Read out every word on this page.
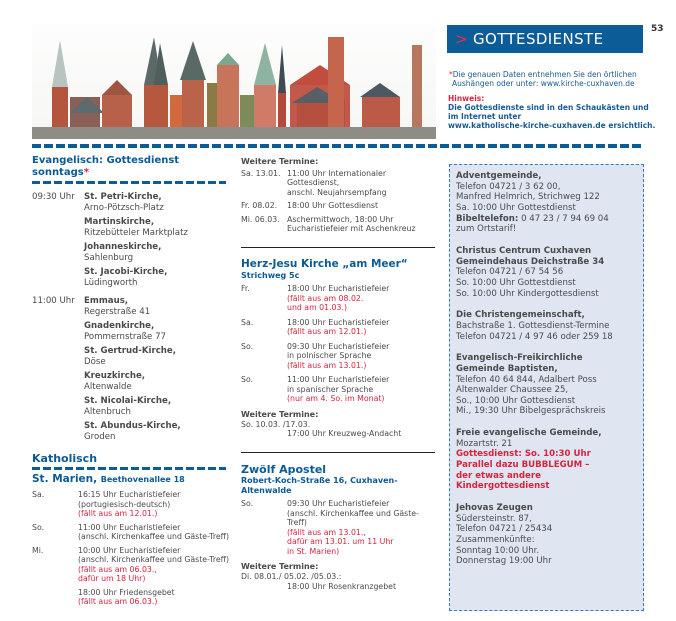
> GOTTESDIENSTE
53
*Die genauen Daten entnehmen Sie den örtlichen
Aushängen oder unter: www.kirche-cuxhaven.de
Hinweis:
Die Gottesdienste sind in den Schaukästen und
im Internet unter
www.katholische-kirche-cuxhaven.de ersichtlich.
Evangelisch: Gottesdienst sonntags*
09:30 Uhr	St. Petri-Kirche,
Arno-Pötzsch-Platz
Martinskirche,
Ritzebütteler Marktplatz
Johanneskirche,
Sahlenburg
St. Jacobi-Kirche,
Lüdingworth
11:00 Uhr	Emmaus,
Regerstraße 41
Gnadenkirche,
Pommernstraße 77
St. Gertrud-Kirche,
Döse
Kreuzkirche,
Altenwalde
St. Nicolai-Kirche,
Altenbruch
St. Abundus-Kirche,
Groden
Katholisch
St. Marien, Beethovenallee 18
Sa.	16:15 Uhr Eucharistiefeier
(portugiesisch-deutsch)
(fällt aus am 12.01.)
So.	11:00 Uhr Eucharistiefeier
(anschl. Kirchenkaffee und Gäste-Treff)
Mi.	10:00 Uhr Eucharistiefeier
(anschl. Kirchenkaffee und Gäste-Treff)
(fällt aus am 06.03.,
dafür um 18 Uhr)
18:00 Uhr Friedensgebet
(fällt aus am 06.03.)
Weitere Termine:
Sa. 13.01. 11:00 Uhr Internationaler Gottesdienst,
anschl. Neujahrsempfang
Fr. 08.02.	18:00 Uhr Gottesdienst
Mi. 06.03. Aschermittwoch, 18:00 Uhr
Eucharistiefeier mit Aschenkreuz
Herz-Jesu Kirche „am Meer“
Strichweg 5c
Fr.	18:00 Uhr Eucharistiefeier
(fällt aus am 08.02.
und am 01.03.)
Sa.	18:00 Uhr Eucharistiefeier
(fällt aus am 12.01.)
So.	09:30 Uhr Eucharistiefeier
in polnischer Sprache
(fällt aus am 13.01.)
So.	11:00 Uhr Eucharistiefeier
in spanischer Sprache
(nur am 4. So. im Monat)
Weitere Termine:
So. 10.03. /17.03.
17:00 Uhr Kreuzweg-Andacht
Zwölf Apostel
Robert-Koch-Straße 16, Cuxhaven-Altenwalde
So.	09:30 Uhr Eucharistiefeier
(anschl. Kirchenkaffee und Gäste-Treff)
(fällt aus am 13.01.,
dafür am 13.01. um 11 Uhr
in St. Marien)
Weitere Termine:
Di. 08.01./ 05.02. /05.03.:
18:00 Uhr Rosenkranzgebet
Adventgemeinde,
Telefon 04721 / 3 62 00,
Manfred Helmrich, Strichweg 122
Sa. 10:00 Uhr Gottestdienst
Bibeltelefon: 0 47 23 / 7 94 69 04
zum Ortstarif!
Christus Centrum Cuxhaven
Gemeindehaus Deichstraße 34
Telefon 04721 / 67 54 56
So. 10:00 Uhr Gottestdienst
So. 10:00 Uhr Kindergottesdienst
Die Christengemeinschaft,
Bachstraße 1. Gottesdienst-Termine
Telefon 04721 / 4 97 46 oder 259 18
Evangelisch-Freikirchliche
Gemeinde Baptisten,
Telefon 40 64 844, Adalbert Poss
Altenwalder Chaussee 25,
So., 10:00 Uhr Gottesdienst
Mi., 19:30 Uhr Bibelgesprächskreis
Freie evangelische Gemeinde,
Mozartstr. 21
Gottesdienst: So. 10:30 Uhr
Parallel dazu BUBBLEGUM –
der etwas andere Kindergottesdienst
Jehovas Zeugen
Südersteinstr. 87,
Telefon 04721 / 25434
Zusammenkünfte:
Sonntag 10:00 Uhr.
Donnerstag 19:00 Uhr
